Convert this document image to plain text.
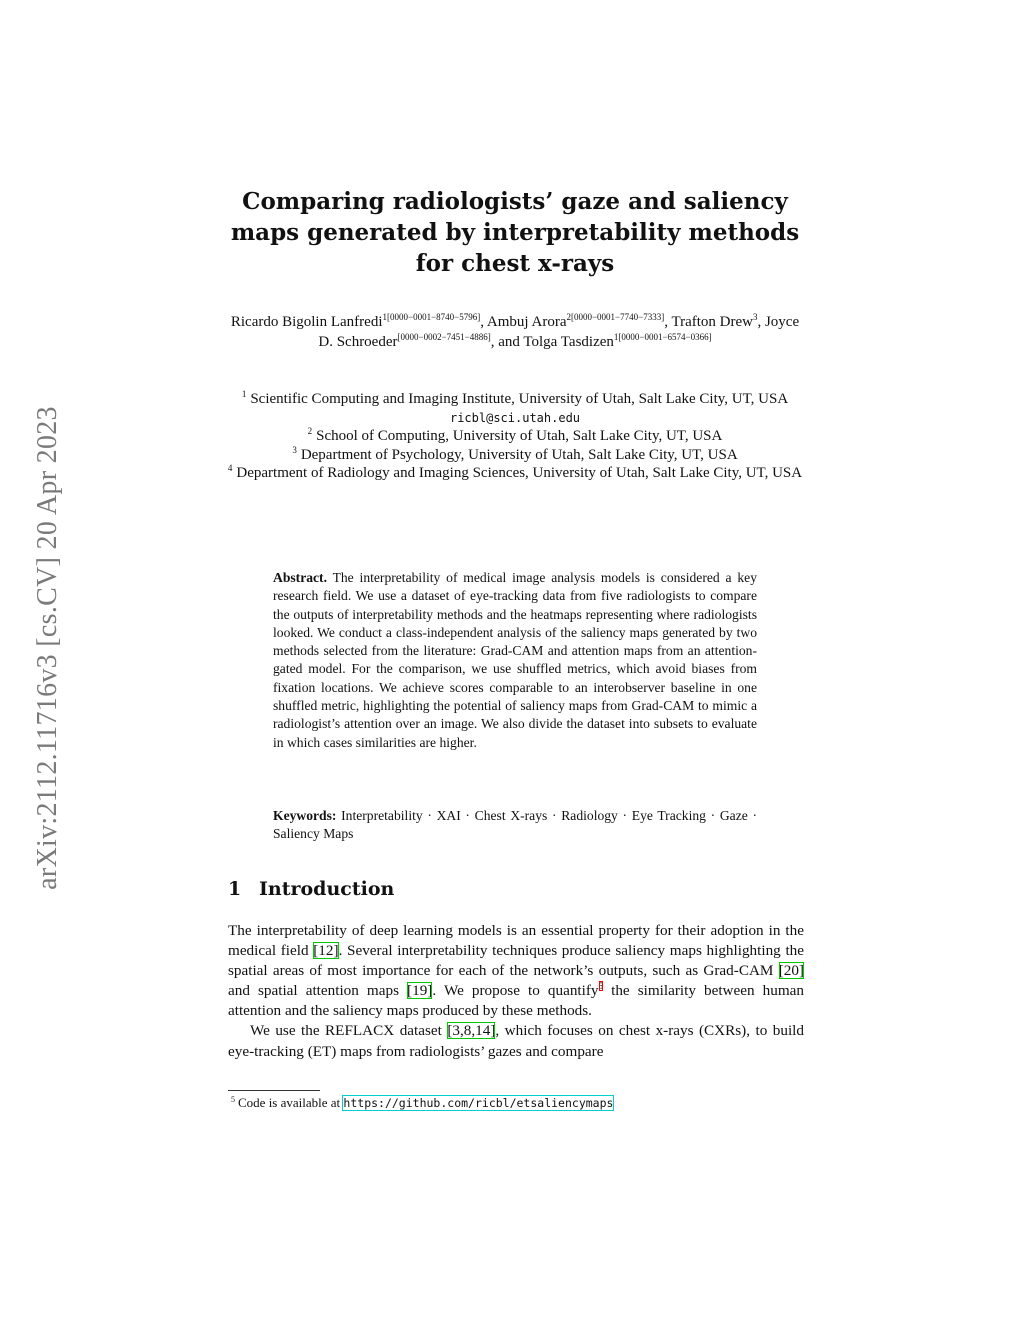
arXiv:2112.11716v3 [cs.CV] 20 Apr 2023
Comparing radiologists’ gaze and saliency maps generated by interpretability methods for chest x-rays
Ricardo Bigolin Lanfredi$^{1[0000-0001-8740-5796]}$, Ambuj Arora$^{2[0000-0001-7740-7333]}$, Trafton Drew$^3$, Joyce D. Schroeder[0000−0002−7451−4886], and Tolga Tasdizen$^{1[0000-0001-6574-0366]}$
$^1$ Scientific Computing and Imaging Institute, University of Utah, Salt Lake City, UT, USA
ricbl@sci.utah.edu
$^2$ School of Computing, University of Utah, Salt Lake City, UT, USA
$^3$ Department of Psychology, University of Utah, Salt Lake City, UT, USA
$^4$ Department of Radiology and Imaging Sciences, University of Utah, Salt Lake City, UT, USA
Abstract. The interpretability of medical image analysis models is considered a key research field. We use a dataset of eye-tracking data from five radiologists to compare the outputs of interpretability methods and the heatmaps representing where radiologists looked. We conduct a class-independent analysis of the saliency maps generated by two methods selected from the literature: Grad-CAM and attention maps from an attention-gated model. For the comparison, we use shuffled metrics, which avoid biases from fixation locations. We achieve scores comparable to an interobserver baseline in one shuffled metric, highlighting the potential of saliency maps from Grad-CAM to mimic a radiologist’s attention over an image. We also divide the dataset into subsets to evaluate in which cases similarities are higher.
Keywords: Interpretability · XAI · Chest X-rays · Radiology · Eye Tracking · Gaze · Saliency Maps
1 Introduction

The interpretability of deep learning models is an essential property for their adoption in the medical field [12]. Several interpretability techniques produce saliency maps highlighting the spatial areas of most importance for each of the network’s outputs, such as Grad-CAM [20] and spatial attention maps [19]. We propose to quantify$^5$ the similarity between human attention and the saliency maps produced by these methods.

We use the REFLACX dataset [3,8,14], which focuses on chest x-rays (CXRs), to build eye-tracking (ET) maps from radiologists’ gazes and compare

$^5$ Code is available at https://github.com/ricbl/etsaliencymaps
